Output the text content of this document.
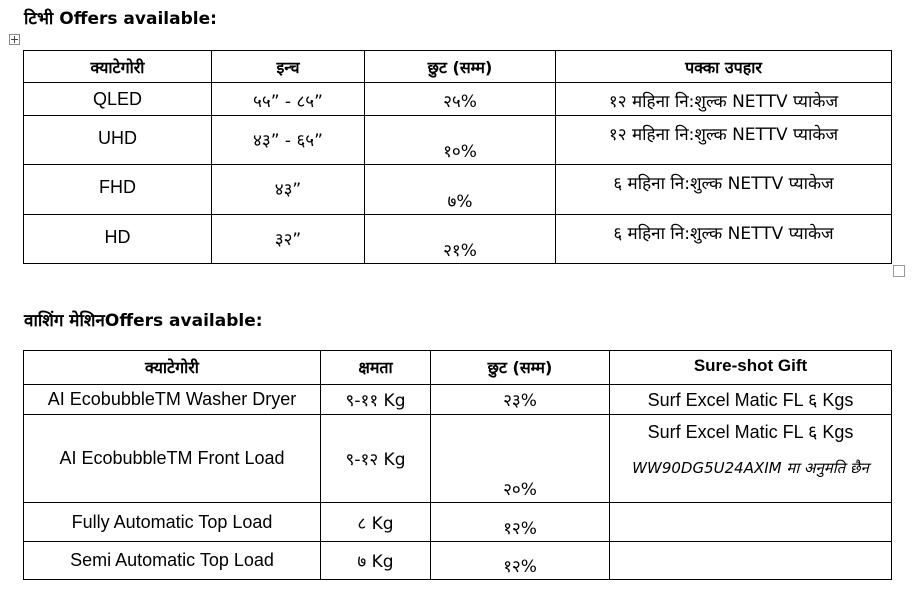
टिभी Offers available:
क्याटेगोरी	इन्च	छुट (सम्म)	पक्का उपहार
QLED	५५” - ८५”	२५%	१२ महिना नि:शुल्क NETTV प्याकेज
UHD	४३” - ६५”	१०%	१२ महिना नि:शुल्क NETTV प्याकेज
FHD	४३”	७%	६ महिना नि:शुल्क NETTV प्याकेज
HD	३२”	२१%	६ महिना नि:शुल्क NETTV प्याकेज
वाशिंग मेशिनOffers available:
क्याटेगोरी	क्षमता	छुट (सम्म)	Sure-shot Gift
AI EcobubbleTM Washer Dryer	९-११ Kg	२३%	Surf Excel Matic FL ६ Kgs
AI EcobubbleTM Front Load	९-१२ Kg	२०%	Surf Excel Matic FL ६ Kgs
WW90DG5U24AXIM मा अनुमति छैन

Fully Automatic Top Load	८ Kg	१२%	
Semi Automatic Top Load	७ Kg	१२%	
